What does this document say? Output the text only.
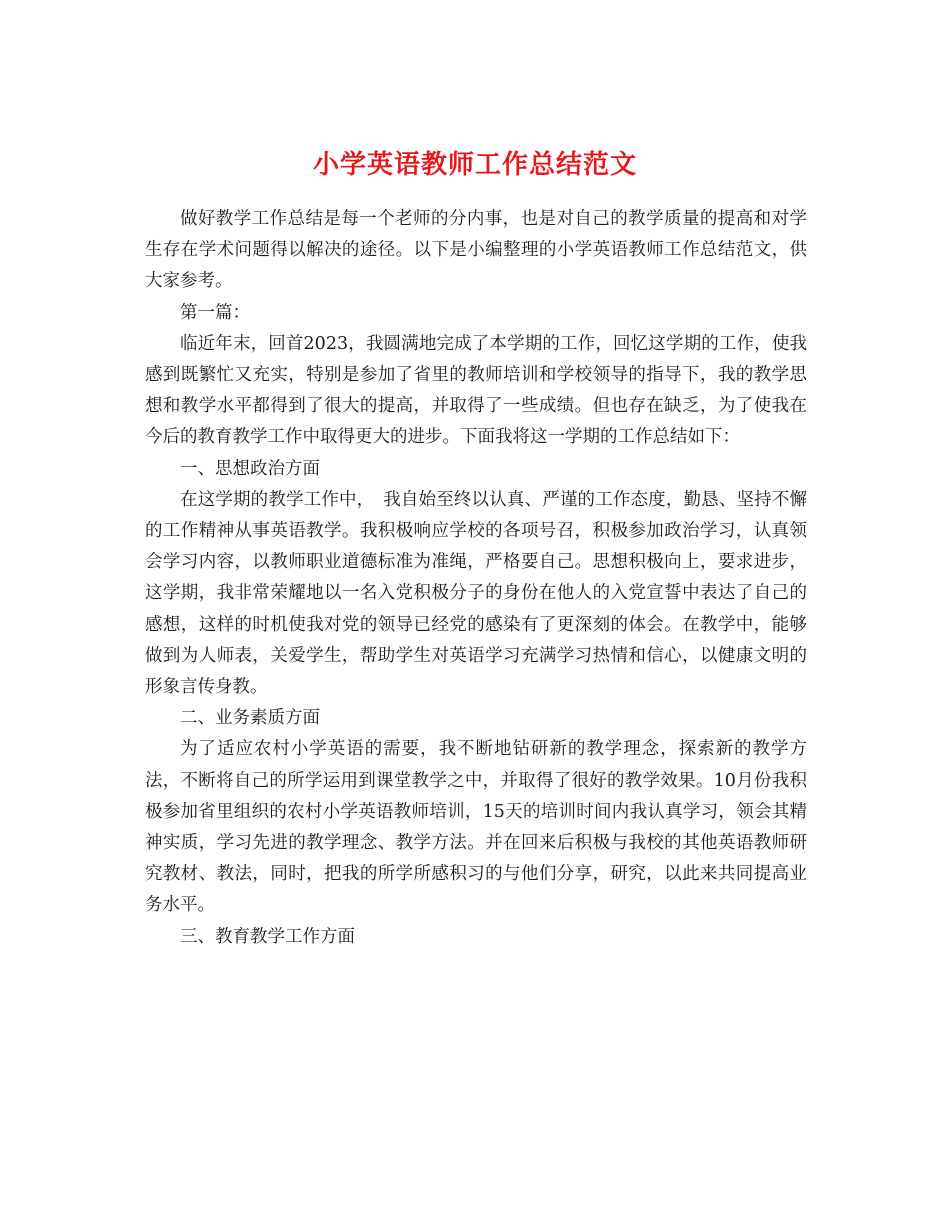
小学英语教师工作总结范文

做好教学工作总结是每一个老师的分内事，也是对自己的教学质量的提高和对学生存在学术问题得以解决的途径。以下是小编整理的小学英语教师工作总结范文，供大家参考。

第一篇：

临近年末，回首2023，我圆满地完成了本学期的工作，回忆这学期的工作，使我感到既繁忙又充实，特别是参加了省里的教师培训和学校领导的指导下，我的教学思想和教学水平都得到了很大的提高，并取得了一些成绩。但也存在缺乏，为了使我在今后的教育教学工作中取得更大的进步。下面我将这一学期的工作总结如下：

一、思想政治方面

在这学期的教学工作中，　我自始至终以认真、严谨的工作态度，勤恳、坚持不懈的工作精神从事英语教学。我积极响应学校的各项号召，积极参加政治学习，认真领会学习内容，以教师职业道德标准为准绳，严格要自己。思想积极向上，要求进步，这学期，我非常荣耀地以一名入党积极分子的身份在他人的入党宣誓中表达了自己的感想，这样的时机使我对党的领导已经党的感染有了更深刻的体会。在教学中，能够做到为人师表，关爱学生，帮助学生对英语学习充满学习热情和信心，以健康文明的形象言传身教。

二、业务素质方面

为了适应农村小学英语的需要，我不断地钻研新的教学理念，探索新的教学方法，不断将自己的所学运用到课堂教学之中，并取得了很好的教学效果。10月份我积极参加省里组织的农村小学英语教师培训，15天的培训时间内我认真学习，领会其精神实质，学习先进的教学理念、教学方法。并在回来后积极与我校的其他英语教师研究教材、教法，同时，把我的所学所感积习的与他们分享，研究，以此来共同提高业务水平。

三、教育教学工作方面
